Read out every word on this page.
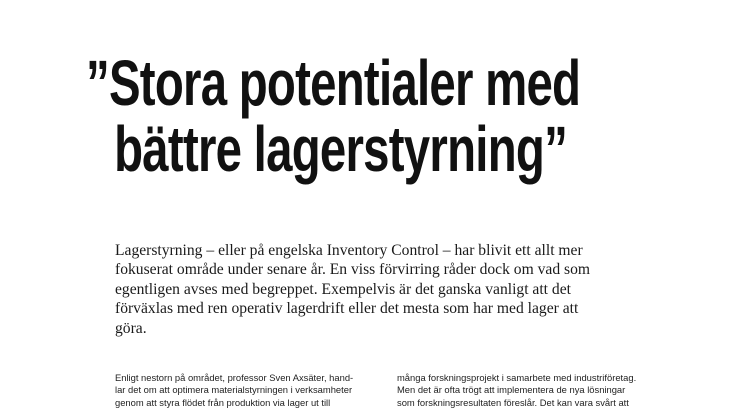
”Stora potentialer med
bättre lagerstyrning”

Lagerstyrning – eller på engelska Inventory Control – har blivit ett allt mer fokuserat område under senare år. En viss förvirring råder dock om vad som egentligen avses med begreppet. Exempelvis är det ganska vanligt att det förväxlas med ren operativ lagerdrift eller det mesta som har med lager att göra.

Enligt nestorn på området, professor Sven Axsäter, hand-
lar det om att optimera materialstyrningen i verksamheter
genom att styra flödet från produktion via lager ut till
många forskningsprojekt i samarbete med industriföretag.
Men det är ofta trögt att implementera de nya lösningar
som forskningsresultaten föreslår. Det kan vara svårt att
